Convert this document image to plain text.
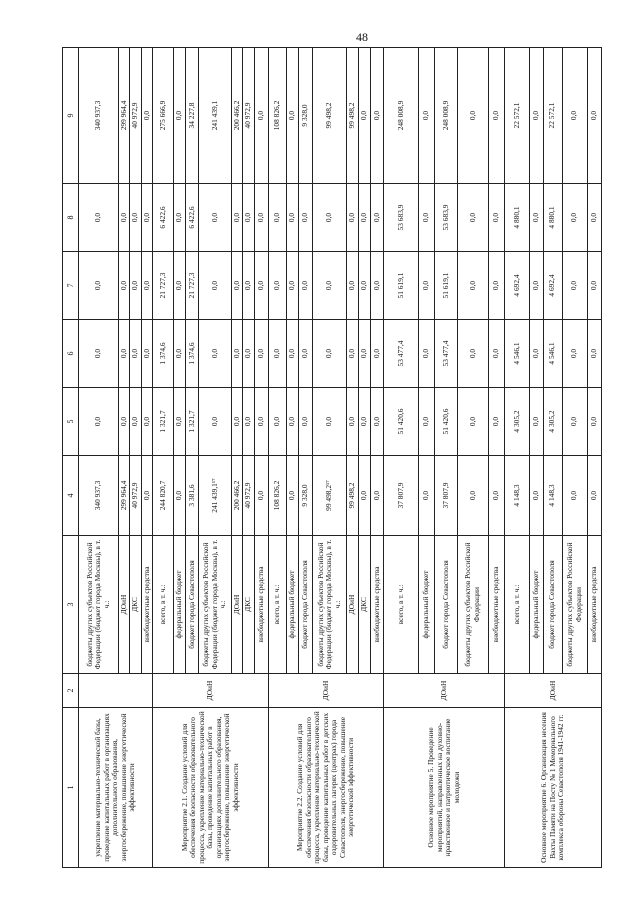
48
1	2	3	4	5	6	7	8	9
укрепление материально-технической базы, проведение капитальных работ в организациях дополнительного образования, энергосбережение, повышение энергетической эффективности		бюджеты других субъектов Российской Федерации (бюджет города Москвы), в т. ч.:	340 937,3	0,0	0,0	0,0	0,0	340 937,3
		ДОиН	299 964,4	0,0	0,0	0,0	0,0	299 964,4
		ДКС	40 972,9	0,0	0,0	0,0	0,0	40 972,9
		внебюджетные средства	0,0	0,0	0,0	0,0	0,0	0,0
Мероприятие 2.1. Создание условий для обеспечения безопасности образовательного процесса, укрепление материально-технической базы, проведение капитальных работ в организациях дополнительного образования, энергосбережение, повышение энергетической эффективности	ДОиН	всего, в т. ч.:	244 820,7	1 321,7	1 374,6	21 727,3	6 422,6	275 666,9
		федеральный бюджет	0,0	0,0	0,0	0,0	0,0	0,0
		бюджет города Севастополя	3 381,6	1 321,7	1 374,6	21 727,3	6 422,6	34 227,8
		бюджеты других субъектов Российской Федерации (бюджет города Москвы), в т. ч.:	241 439,1¹⁷	0,0	0,0	0,0	0,0	241 439,1
		ДОиН	200 466,2	0,0	0,0	0,0	0,0	200 466,2
		ДКС	40 972,9	0,0	0,0	0,0	0,0	40 972,9
		внебюджетные средства	0,0	0,0	0,0	0,0	0,0	0,0
Мероприятие 2.2. Создание условий для обеспечения безопасности образовательного процесса, укрепление материально-технической базы, проведение капитальных работ в детских оздоровительных лагерях (центрах) города Севастополя, энергосбережение, повышение энергетической эффективности	ДОиН	всего, в т. ч.:	108 826,2	0,0	0,0	0,0	0,0	108 826,2
		федеральный бюджет	0,0	0,0	0,0	0,0	0,0	0,0
		бюджет города Севастополя	9 328,0	0,0	0,0	0,0	0,0	9 328,0
		бюджеты других субъектов Российской Федерации (бюджет города Москвы), в т. ч.:	99 498,2¹⁷	0,0	0,0	0,0	0,0	99 498,2
		ДОиН	99 498,2	0,0	0,0	0,0	0,0	99 498,2
		ДКС	0,0	0,0	0,0	0,0	0,0	0,0
		внебюджетные средства	0,0	0,0	0,0	0,0	0,0	0,0
Основное мероприятие 5. Проведение мероприятий, направленных на духовно-нравственное и патриотическое воспитание молодежи	ДОиН	всего, в т. ч.:	37 807,9	51 420,6	53 477,4	51 619,1	53 683,9	248 008,9
		федеральный бюджет	0,0	0,0	0,0	0,0	0,0	0,0
		бюджет города Севастополя	37 807,9	51 420,6	53 477,4	51 619,1	53 683,9	248 008,9
		бюджеты других субъектов Российской Федерации	0,0	0,0	0,0	0,0	0,0	0,0
		внебюджетные средства	0,0	0,0	0,0	0,0	0,0	0,0
Основное мероприятие 6. Организация несения Вахты Памяти на Посту № 1 Мемориального комплекса обороны Севастополя 1941-1942 гг.	ДОиН	всего, в т. ч.:	4 148,3	4 305,2	4 546,1	4 692,4	4 880,1	22 572,1
		федеральный бюджет	0,0	0,0	0,0	0,0	0,0	0,0
		бюджет города Севастополя	4 148,3	4 305,2	4 546,1	4 692,4	4 880,1	22 572,1
		бюджеты других субъектов Российской Федерации	0,0	0,0	0,0	0,0	0,0	0,0
		внебюджетные средства	0,0	0,0	0,0	0,0	0,0	0,0
